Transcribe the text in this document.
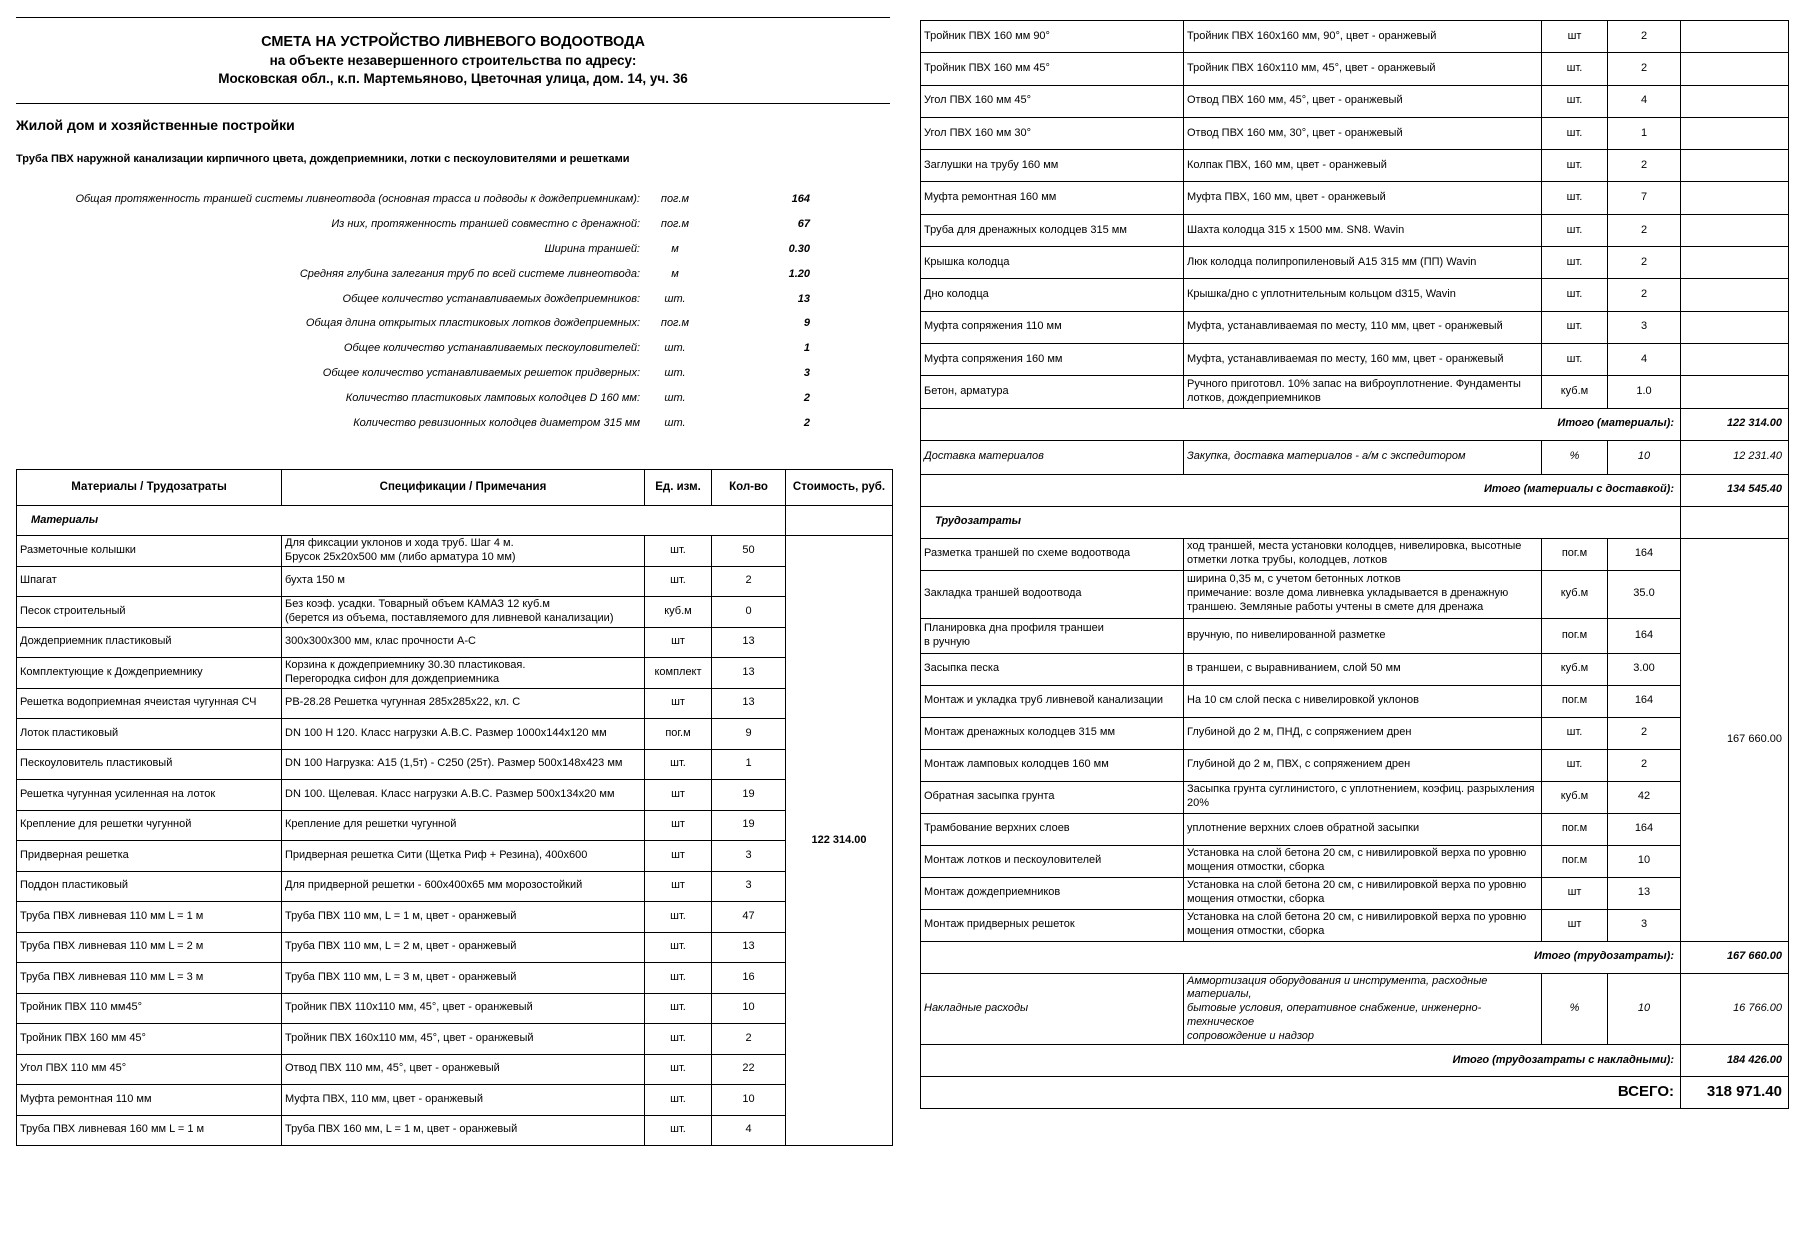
СМЕТА НА УСТРОЙСТВО ЛИВНЕВОГО ВОДООТВОДА
на объекте незавершенного строительства по адресу:
Московская обл., к.п. Мартемьяново, Цветочная улица, дом. 14, уч. 36
Жилой дом и хозяйственные постройки
Труба ПВХ наружной канализации кирпичного цвета, дождеприемники, лотки с пескоуловителями и решетками
Общая протяженность траншей системы ливнеотвода (основная трасса и подводы к дождеприемникам):	пог.м	164
Из них, протяженность траншей совместно с дренажной:	пог.м	67
Ширина траншей:	м	0.30
Средняя глубина залегания труб по всей системе ливнеотвода:	м	1.20
Общее количество устанавливаемых дождеприемников:	шт.	13
Общая длина открытых пластиковых лотков дождеприемных:	пог.м	9
Общее количество устанавливаемых пескоуловителей:	шт.	1
Общее количество устанавливаемых решеток придверных:	шт.	3
Количество пластиковых ламповых колодцев D 160 мм:	шт.	2
Количество ревизионных колодцев диаметром 315 мм	шт.	2
Материалы / Трудозатраты	Спецификации / Примечания	Ед. изм.	Кол-во	Стоимость, руб.
Материалы				
Разметочные колышки	Для фиксации уклонов и хода труб. Шаг 4 м.
Брусок 25х20х500 мм (либо арматура 10 мм)	шт.	50	122 314.00
Шпагат	бухта 150 м	шт.	2	
Песок строительный	Без коэф. усадки. Товарный объем КАМАЗ 12 куб.м
(берется из объема, поставляемого для ливневой канализации)	куб.м	0	
Дождеприемник пластиковый	300х300х300 мм, клас прочности А-С	шт	13	
Комплектующие к Дождеприемнику	Корзина к дождеприемнику 30.30 пластиковая.
Перегородка сифон для дождеприемника	комплект	13	
Решетка водоприемная ячеистая чугунная СЧ	РВ-28.28 Решетка чугунная 285х285х22, кл. С	шт	13	
Лоток пластиковый	DN 100 H 120. Класс нагрузки А.В.С. Размер 1000х144х120 мм	пог.м	9	
Пескоуловитель пластиковый	DN 100 Нагрузка: А15 (1,5т) - С250 (25т). Размер 500х148х423 мм	шт.	1	
Решетка чугунная усиленная на лоток	DN 100. Щелевая. Класс нагрузки А.В.С. Размер 500х134х20 мм	шт	19	
Крепление для решетки чугунной	Крепление для решетки чугунной	шт	19	
Придверная решетка	Придверная решетка Сити (Щетка Риф + Резина), 400х600	шт	3	
Поддон пластиковый	Для придверной решетки - 600х400х65 мм морозостойкий	шт	3	
Труба ПВХ ливневая 110 мм L = 1 м	Труба ПВХ 110 мм, L = 1 м, цвет - оранжевый	шт.	47	
Труба ПВХ ливневая 110 мм L = 2 м	Труба ПВХ 110 мм, L = 2 м, цвет - оранжевый	шт.	13	
Труба ПВХ ливневая 110 мм L = 3 м	Труба ПВХ 110 мм, L = 3 м, цвет - оранжевый	шт.	16	
Тройник ПВХ 110 мм45°	Тройник ПВХ 110х110 мм, 45°, цвет - оранжевый	шт.	10	
Тройник ПВХ 160 мм 45°	Тройник ПВХ 160х110 мм, 45°, цвет - оранжевый	шт.	2	
Угол ПВХ 110 мм 45°	Отвод ПВХ 110 мм, 45°, цвет - оранжевый	шт.	22	
Муфта ремонтная 110 мм	Муфта ПВХ, 110 мм, цвет - оранжевый	шт.	10	
Труба ПВХ ливневая 160 мм L = 1 м	Труба ПВХ 160 мм, L = 1 м, цвет - оранжевый	шт.	4	
Тройник ПВХ 160 мм 90°	Тройник ПВХ 160х160 мм, 90°, цвет - оранжевый	шт	2	
Тройник ПВХ 160 мм 45°	Тройник ПВХ 160х110 мм, 45°, цвет - оранжевый	шт.	2	
Угол ПВХ 160 мм 45°	Отвод ПВХ 160 мм, 45°, цвет - оранжевый	шт.	4	
Угол ПВХ 160 мм 30°	Отвод ПВХ 160 мм, 30°, цвет - оранжевый	шт.	1	
Заглушки на трубу 160 мм	Колпак ПВХ, 160 мм, цвет - оранжевый	шт.	2	
Муфта ремонтная 160 мм	Муфта ПВХ, 160 мм, цвет - оранжевый	шт.	7	
Труба для дренажных колодцев 315 мм	Шахта колодца 315 х 1500 мм. SN8. Wavin	шт.	2	
Крышка колодца	Люк колодца полипропиленовый А15 315 мм (ПП) Wavin	шт.	2	
Дно колодца	Крышка/дно с уплотнительным кольцом d315, Wavin	шт.	2	
Муфта сопряжения 110 мм	Муфта, устанавливаемая по месту, 110 мм, цвет - оранжевый	шт.	3	
Муфта сопряжения 160 мм	Муфта, устанавливаемая по месту, 160 мм, цвет - оранжевый	шт.	4	
Бетон, арматура	Ручного приготовл. 10% запас на виброуплотнение. Фундаменты
лотков, дождеприемников	куб.м	1.0	
Итого (материалы):				122 314.00
Доставка материалов	Закупка, доставка материалов - а/м с экспедитором	%	10	12 231.40
Итого (материалы с доставкой):				134 545.40
Трудозатраты				
Разметка траншей по схеме водоотвода	ход траншей, места установки колодцев, нивелировка, высотные
отметки лотка трубы, колодцев, лотков	пог.м	164	167 660.00
Закладка траншей водоотвода	ширина 0,35 м, с учетом бетонных лотков
примечание: возле дома ливневка укладывается в дренажную
траншею. Земляные работы учтены в смете для дренажа	куб.м	35.0	
Планировка дна профиля траншеи
в ручную	вручную, по нивелированной разметке	пог.м	164	
Засыпка песка	в траншеи, с выравниванием, слой 50 мм	куб.м	3.00	
Монтаж и укладка труб ливневой канализации	На 10 см слой песка с нивелировкой уклонов	пог.м	164	
Монтаж дренажных колодцев 315 мм	Глубиной до 2 м, ПНД, с сопряжением дрен	шт.	2	
Монтаж ламповых колодцев 160 мм	Глубиной до 2 м, ПВХ, с сопряжением дрен	шт.	2	
Обратная засыпка грунта	Засыпка грунта суглинистого, с уплотнением, коэфиц. разрыхления 20%	куб.м	42	
Трамбование верхних слоев	уплотнение верхних слоев обратной засыпки	пог.м	164	
Монтаж лотков и пескоуловителей	Установка на слой бетона 20 см, с нивилировкой верха по уровню
мощения отмостки, сборка	пог.м	10	
Монтаж дождеприемников	Установка на слой бетона 20 см, с нивилировкой верха по уровню
мощения отмостки, сборка	шт	13	
Монтаж придверных решеток	Установка на слой бетона 20 см, с нивилировкой верха по уровню
мощения отмостки, сборка	шт	3	
Итого (трудозатраты):				167 660.00
Накладные расходы	Аммортизация оборудования и инструмента, расходные материалы,
бытовые условия, оперативное снабжение, инженерно-техническое
сопровождение и надзор	%	10	16 766.00
Итого (трудозатраты с накладными):				184 426.00
ВСЕГО:				318 971.40
